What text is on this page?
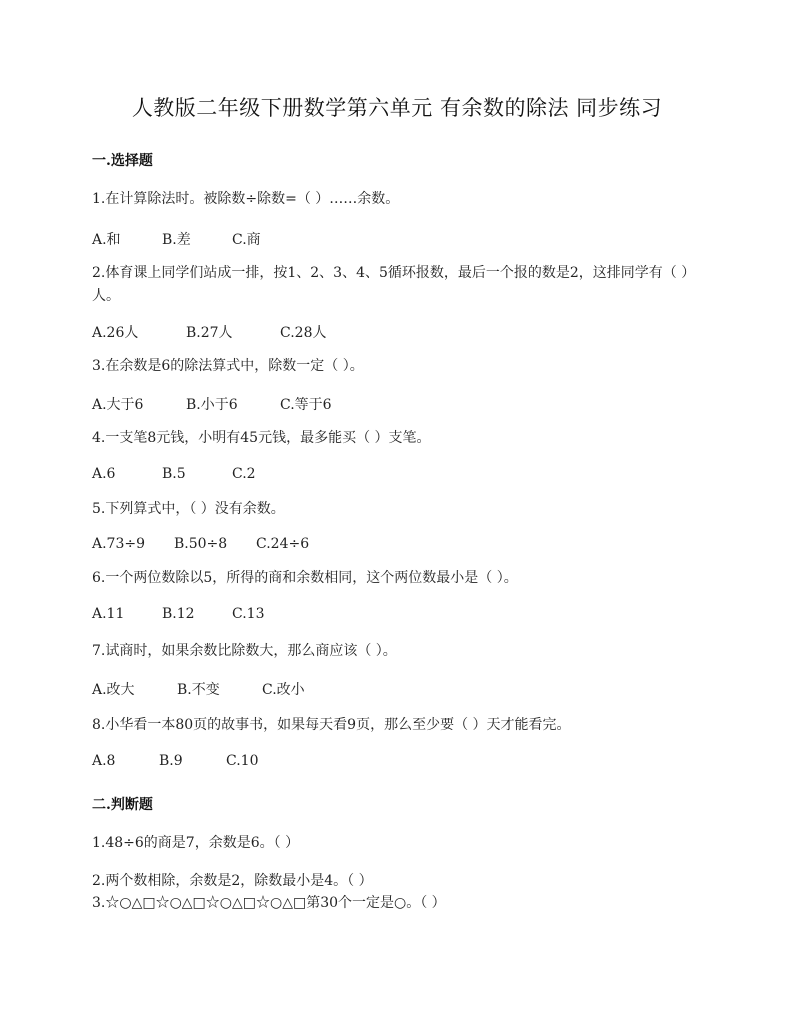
人教版二年级下册数学第六单元 有余数的除法 同步练习
一.选择题
1.在计算除法时。被除数÷除数=（ ）……余数。
A.和	B.差	C.商
2.体育课上同学们站成一排，按1、2、3、4、5循环报数，最后一个报的数是2，这排同学有（ ）人。
A.26人	B.27人	C.28人
3.在余数是6的除法算式中，除数一定（ ）。
A.大于6	B.小于6	C.等于6
4.一支笔8元钱，小明有45元钱，最多能买（ ）支笔。
A.6	B.5	C.2
5.下列算式中，（ ）没有余数。
A.73÷9	B.50÷8	C.24÷6
6.一个两位数除以5，所得的商和余数相同，这个两位数最小是（ ）。
A.11	B.12	C.13
7.试商时，如果余数比除数大，那么商应该（ ）。
A.改大	B.不变	C.改小
8.小华看一本80页的故事书，如果每天看9页，那么至少要（ ）天才能看完。
A.8	B.9	C.10
二.判断题
1.48÷6的商是7，余数是6。（ ）
2.两个数相除，余数是2，除数最小是4。（ ）
3.☆○△□☆○△□☆○△□☆○△□第30个一定是○。（ ）
